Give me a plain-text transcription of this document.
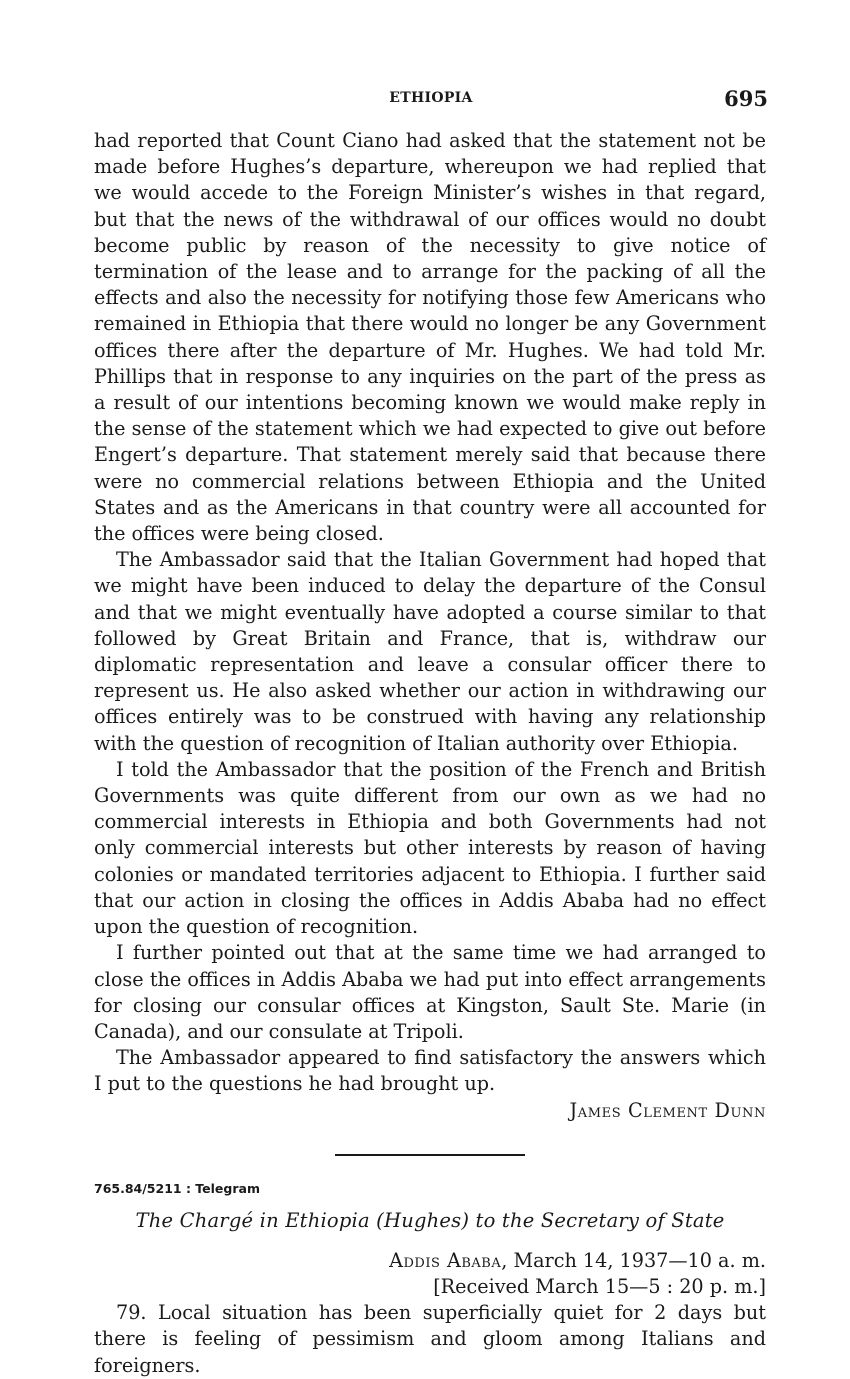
ETHIOPIA	695

had reported that Count Ciano had asked that the statement not be made before Hughes’s departure, whereupon we had replied that we would accede to the Foreign Minister’s wishes in that regard, but that the news of the withdrawal of our offices would no doubt become public by reason of the necessity to give notice of termination of the lease and to arrange for the packing of all the effects and also the necessity for notifying those few Americans who remained in Ethiopia that there would no longer be any Government offices there after the departure of Mr. Hughes. We had told Mr. Phillips that in response to any inquiries on the part of the press as a result of our intentions becoming known we would make reply in the sense of the statement which we had expected to give out before Engert’s departure. That statement merely said that because there were no commercial relations between Ethiopia and the United States and as the Americans in that country were all accounted for the offices were being closed.

The Ambassador said that the Italian Government had hoped that we might have been induced to delay the departure of the Consul and that we might eventually have adopted a course similar to that followed by Great Britain and France, that is, withdraw our diplomatic representation and leave a consular officer there to represent us. He also asked whether our action in withdrawing our offices entirely was to be construed with having any relationship with the question of recognition of Italian authority over Ethiopia.

I told the Ambassador that the position of the French and British Governments was quite different from our own as we had no commercial interests in Ethiopia and both Governments had not only commercial interests but other interests by reason of having colonies or mandated territories adjacent to Ethiopia. I further said that our action in closing the offices in Addis Ababa had no effect upon the question of recognition.

I further pointed out that at the same time we had arranged to close the offices in Addis Ababa we had put into effect arrangements for closing our consular offices at Kingston, Sault Ste. Marie (in Canada), and our consulate at Tripoli.

The Ambassador appeared to find satisfactory the answers which I put to the questions he had brought up.

James Clement Dunn
765.84/5211 : Telegram
The Chargé in Ethiopia (Hughes) to the Secretary of State
Addis Ababa, March 14, 1937—10 a. m.
[Received March 15—5 : 20 p. m.]

79. Local situation has been superficially quiet for 2 days but there is feeling of pessimism and gloom among Italians and foreigners.
